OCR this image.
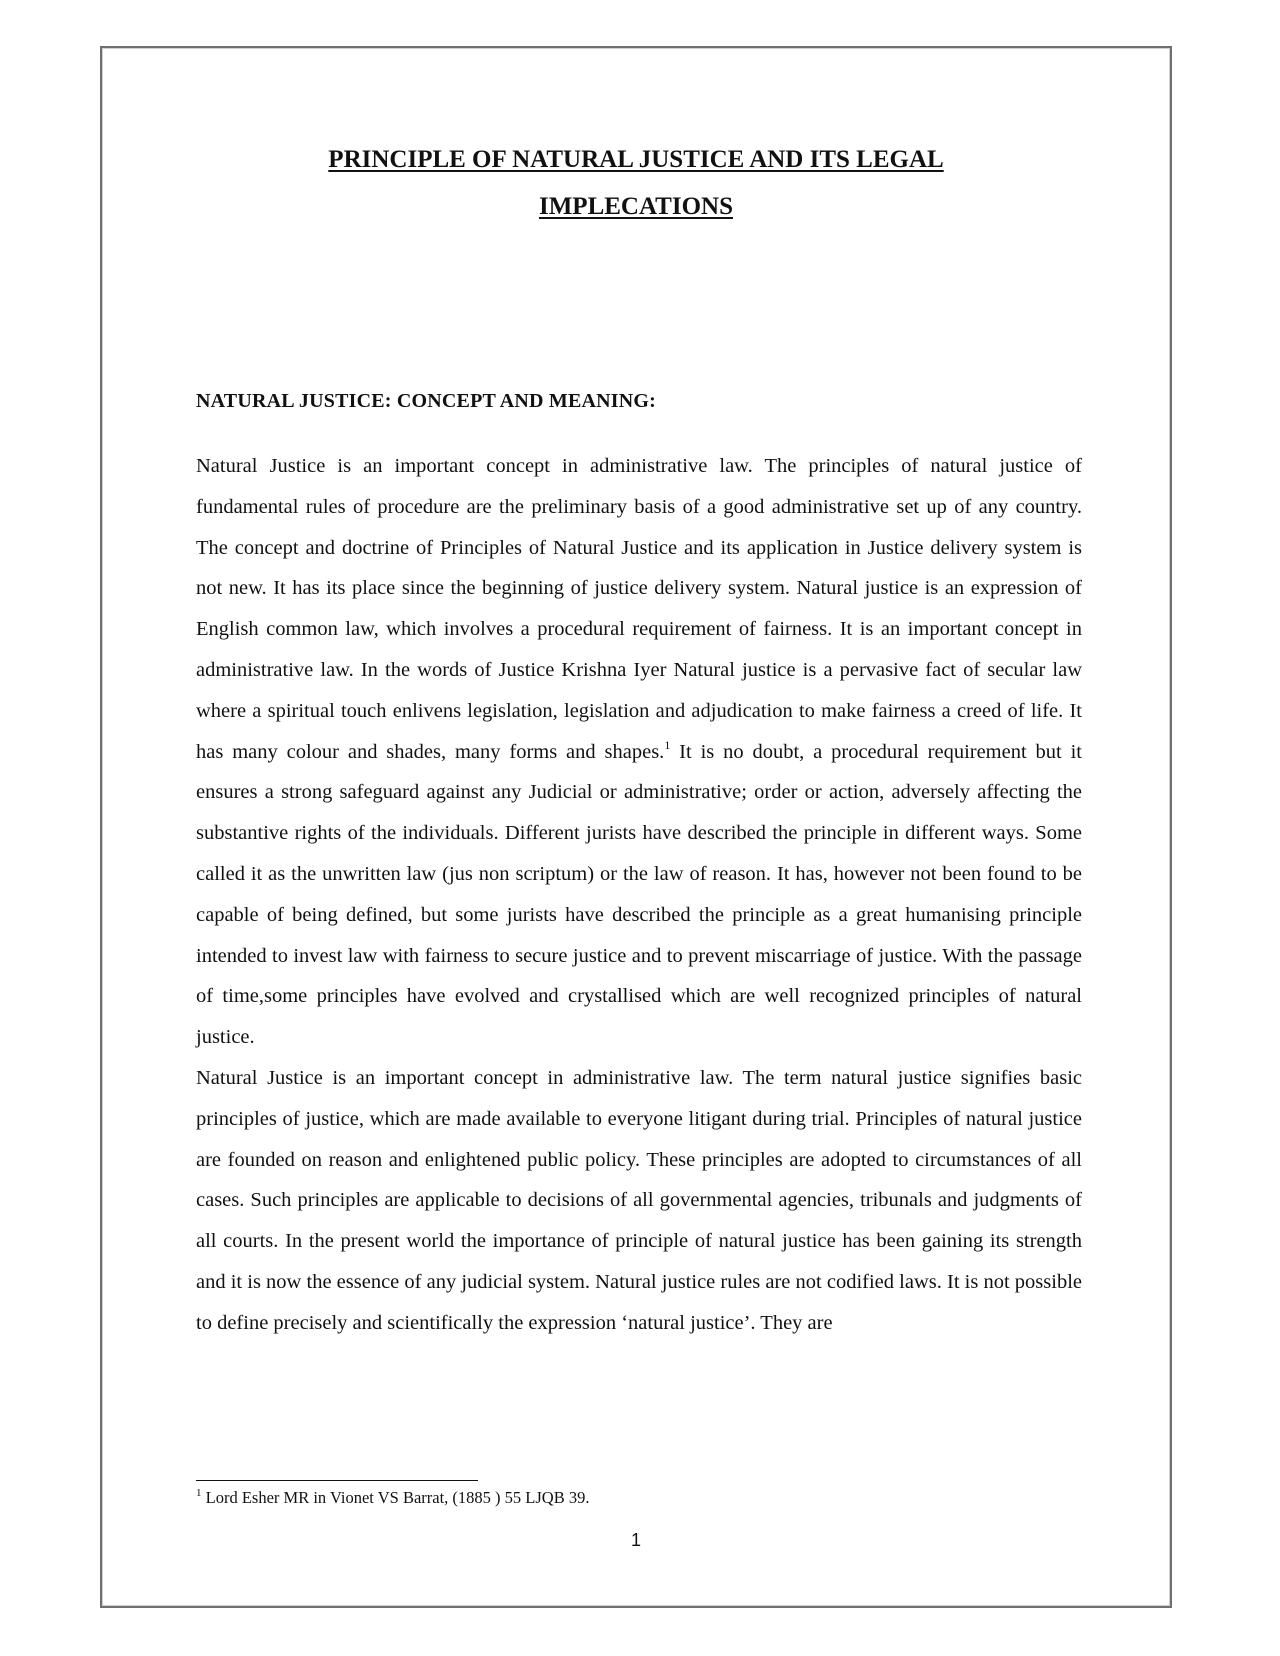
PRINCIPLE OF NATURAL JUSTICE AND ITS LEGAL
IMPLECATIONS
NATURAL JUSTICE: CONCEPT AND MEANING:

Natural Justice is an important concept in administrative law. The principles of natural justice of fundamental rules of procedure are the preliminary basis of a good administrative set up of any country. The concept and doctrine of Principles of Natural Justice and its application in Justice delivery system is not new. It has its place since the beginning of justice delivery system. Natural justice is an expression of English common law, which involves a procedural requirement of fairness. It is an important concept in administrative law. In the words of Justice Krishna Iyer Natural justice is a pervasive fact of secular law where a spiritual touch enlivens legislation, legislation and adjudication to make fairness a creed of life. It has many colour and shades, many forms and shapes.$^1$ It is no doubt, a procedural requirement but it ensures a strong safeguard against any Judicial or administrative; order or action, adversely affecting the substantive rights of the individuals. Different jurists have described the principle in different ways. Some called it as the unwritten law (jus non scriptum) or the law of reason. It has, however not been found to be capable of being defined, but some jurists have described the principle as a great humanising principle intended to invest law with fairness to secure justice and to prevent miscarriage of justice. With the passage of time,some principles have evolved and crystallised which are well recognized principles of natural justice.

Natural Justice is an important concept in administrative law. The term natural justice signifies basic principles of justice, which are made available to everyone litigant during trial. Principles of natural justice are founded on reason and enlightened public policy. These principles are adopted to circumstances of all cases. Such principles are applicable to decisions of all governmental agencies, tribunals and judgments of all courts. In the present world the importance of principle of natural justice has been gaining its strength and it is now the essence of any judicial system. Natural justice rules are not codified laws. It is not possible to define precisely and scientifically the expression ‘natural justice’. They are

$^1$ Lord Esher MR in Vionet VS Barrat, (1885 ) 55 LJQB 39.
1
